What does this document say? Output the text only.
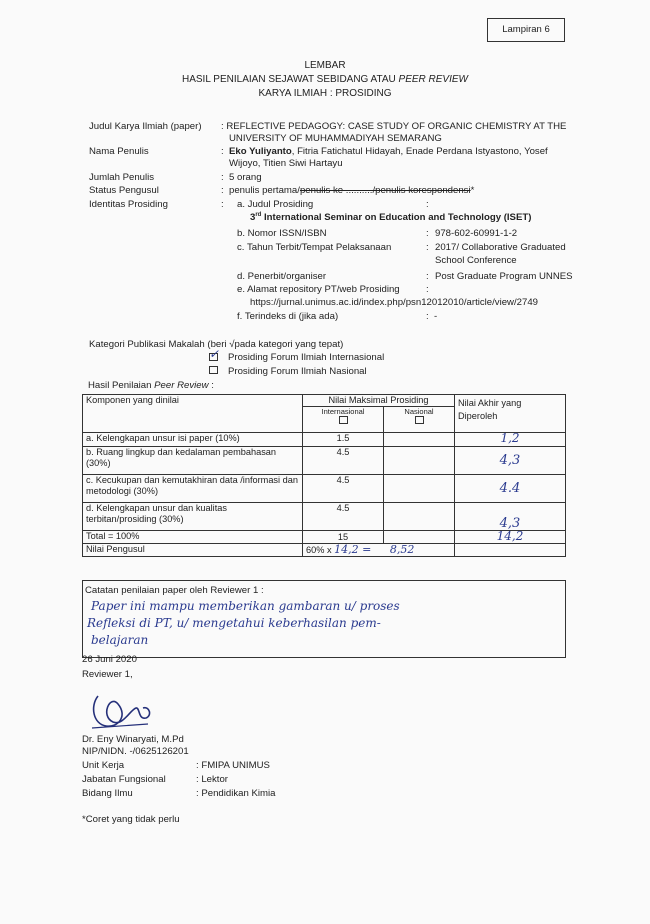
Lampiran 6
LEMBAR
HASIL PENILAIAN SEJAWAT SEBIDANG ATAU PEER REVIEW
KARYA ILMIAH : PROSIDING
Judul Karya Ilmiah (paper) : REFLECTIVE PEDAGOGY: CASE STUDY OF ORGANIC CHEMISTRY AT THE
UNIVERSITY OF MUHAMMADIYAH SEMARANG
Nama Penulis	: Eko Yuliyanto, Fitria Fatichatul Hidayah, Enade Perdana Istyastono, Yosef
Wijoyo, Titien Siwi Hartayu
Jumlah Penulis	: 5 orang
Status Pengusul	: penulis pertama/penulis ke ........../penulis korespondensi*
Identitas Prosiding	: a. Judul Prosiding	:
3rd International Seminar on Education and Technology (ISET)
b. Nomor ISSN/ISBN	: 978-602-60991-1-2
c. Tahun Terbit/Tempat Pelaksanaan	: 2017/ Collaborative Graduated
School Conference
d. Penerbit/organiser	: Post Graduate Program UNNES
e. Alamat repository PT/web Prosiding	:
https://jurnal.unimus.ac.id/index.php/psn12012010/article/view/2749
f. Terindeks di (jika ada)	: -
Kategori Publikasi Makalah (beri √pada kategori yang tepat)
✓ Prosiding Forum Ilmiah Internasional
Prosiding Forum Ilmiah Nasional
Hasil Penilaian Peer Review :
Komponen yang dinilai	Nilai Maksimal Prosiding		Nilai Akhir yang Diperoleh
	Internasional	Nasional	

a. Kelengkapan unsur isi paper (10%)	1.5		1,2
b. Ruang lingkup dan kedalaman pembahasan (30%)	4.5		4,3
c. Kecukupan dan kemutakhiran data /informasi dan metodologi (30%)	4.5		4.4
d. Kelengkapan unsur dan kualitas terbitan/prosiding (30%)	4.5		4,3
Total = 100%	15		14,2
Nilai Pengusul	60% x 14,2 = 8,52		
Catatan penilaian paper oleh Reviewer 1 :
Paper ini mampu memberikan gambaran u/ proses
Refleksi di PT, u/ mengetahui keberhasilan pem-
belajaran
26 Juni 2020
Reviewer 1,
Dr. Eny Winaryati, M.Pd
NIP/NIDN. -/0625126201
Unit Kerja	: FMIPA UNIMUS
Jabatan Fungsional	: Lektor
Bidang Ilmu	: Pendidikan Kimia
*Coret yang tidak perlu
